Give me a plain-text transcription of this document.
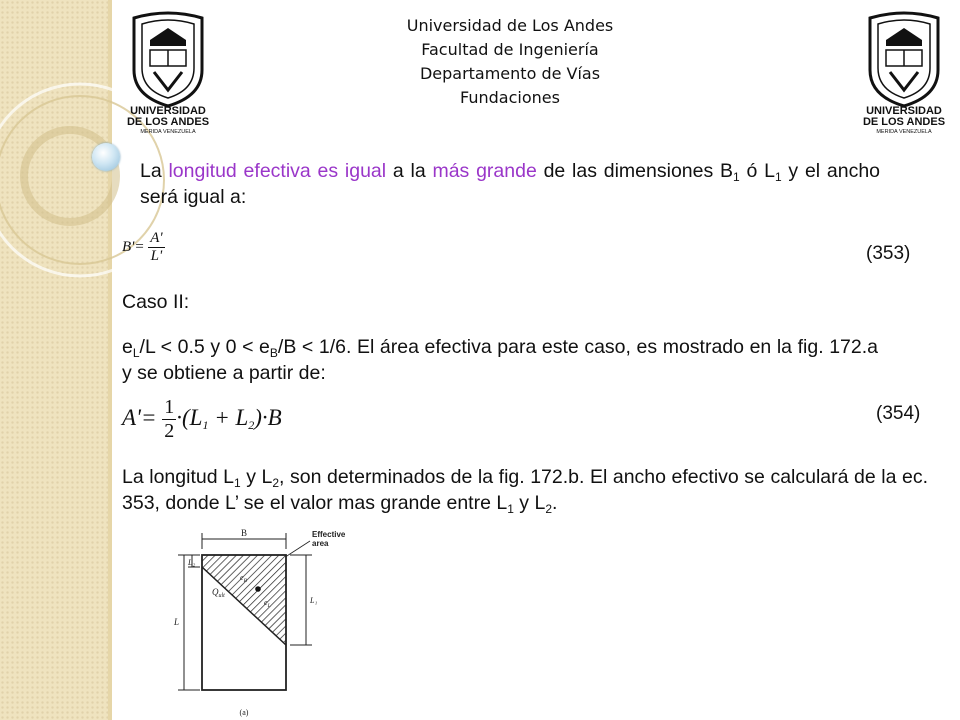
UNIVERSIDAD
DE LOS ANDES
MERIDA VENEZUELA
UNIVERSIDAD
DE LOS ANDES
MERIDA VENEZUELA
Universidad de Los Andes
Facultad de Ingeniería
Departamento de Vías
Fundaciones
La longitud efectiva es igual a la más grande de las dimensiones $B_1$ ó $L_1$ y el ancho será igual a:
$B'= \frac{A'}{L'}$	(353)
Caso II:
$e_L/L < 0.5$ y $0 < e_B/B < 1/6$. El área efectiva para este caso, es mostrado en la fig. 172.a y se obtiene a partir de:
$A'= \frac{1}{2} \cdot(L_1 + L_2)\cdot B$	(354)
La longitud $L_1$ y $L_2$, son determinados de la fig. 172.b. El ancho efectivo se calculará de la ec. 353, donde L’ se el valor mas grande entre $L_1$ y $L_2$.
B	Effective
area
$Q_{ult}$
$e_B$
$e_L$
L₂
L
L₁
(a)
